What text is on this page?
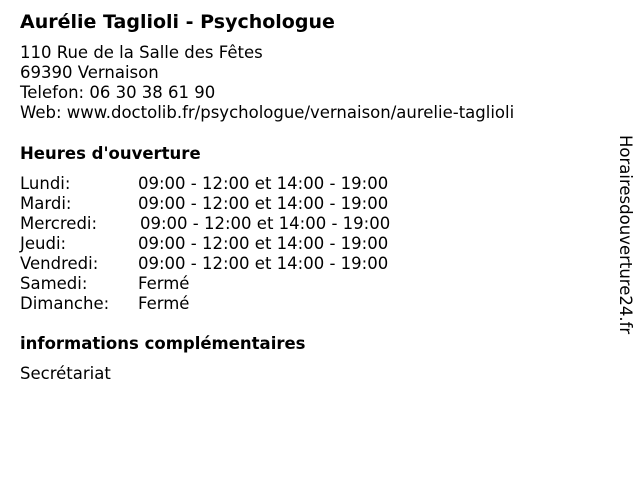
Aurélie Taglioli - Psychologue
110 Rue de la Salle des Fêtes
69390 Vernaison
Telefon: 06 30 38 61 90
Web: www.doctolib.fr/psychologue/vernaison/aurelie-taglioli
Heures d'ouverture
Lundi:	09:00 - 12:00 et 14:00 - 19:00
Mardi:	09:00 - 12:00 et 14:00 - 19:00
Mercredi:	09:00 - 12:00 et 14:00 - 19:00
Jeudi:	09:00 - 12:00 et 14:00 - 19:00
Vendredi: 09:00 - 12:00 et 14:00 - 19:00
Samedi:	Fermé
Dimanche: Fermé
informations complémentaires
Secrétariat
Horairesdouverture24.fr
